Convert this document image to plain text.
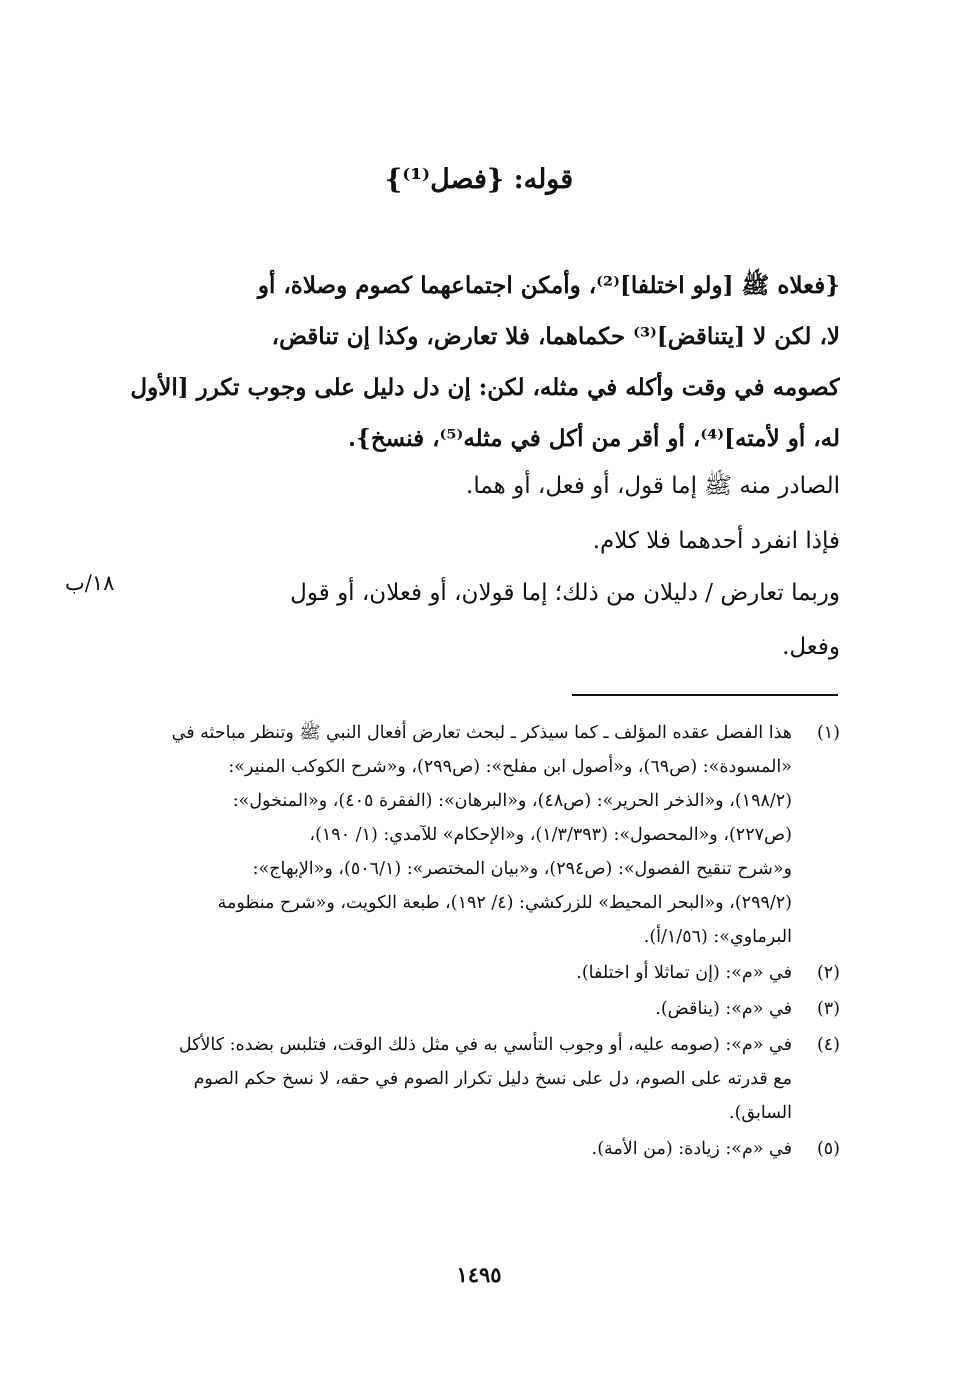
قوله: {فصل⁽¹⁾}
{فعلاه ﷺ [ولو اختلفا]⁽²⁾، وأمكن اجتماعهما كصوم وصلاة، أو
لا، لكن لا [يتناقض]⁽³⁾ حكماهما، فلا تعارض، وكذا إن تناقض،
كصومه في وقت وأكله في مثله، لكن: إن دل دليل على وجوب تكرر [الأول
له، أو لأمته]⁽⁴⁾، أو أقر من أكل في مثله⁽⁵⁾، فنسخ}.
الصادر منه ﷺ إما قول، أو فعل، أو هما.
فإذا انفرد أحدهما فلا كلام.
وربما تعارض / دليلان من ذلك؛ إما قولان، أو فعلان، أو قول
وفعل.
١٨/ب
(١)
هذا الفصل عقده المؤلف ـ كما سيذكر ـ لبحث تعارض أفعال النبي ﷺ وتنظر مباحثه في
«المسودة»: (ص٦٩)، و«أصول ابن مفلح»: (ص٢٩٩)، و«شرح الكوكب المنير»:
(١٩٨/٢)، و«الذخر الحرير»: (ص٤٨)، و«البرهان»: (الفقرة ٤٠٥)، و«المنخول»:
(ص٢٢٧)، و«المحصول»: (١/٣/٣٩٣)، و«الإحكام» للآمدي: (١/ ١٩٠)،
و«شرح تنقيح الفصول»: (ص٢٩٤)، و«بيان المختصر»: (٥٠٦/١)، و«الإبهاج»:
(٢٩٩/٢)، و«البحر المحيط» للزركشي: (٤/ ١٩٢)، طبعة الكويت، و«شرح منظومة
البرماوي»: (١/٥٦/أ).
(٢)
في «م»: (إن تماثلا أو اختلفا).
(٣)
في «م»: (يناقض).
(٤)
في «م»: (صومه عليه، أو وجوب التأسي به في مثل ذلك الوقت، فتلبس بضده: كالأكل
مع قدرته على الصوم، دل على نسخ دليل تكرار الصوم في حقه، لا نسخ حكم الصوم
السابق).
(٥)
في «م»: زيادة: (من الأمة).
١٤٩٥
